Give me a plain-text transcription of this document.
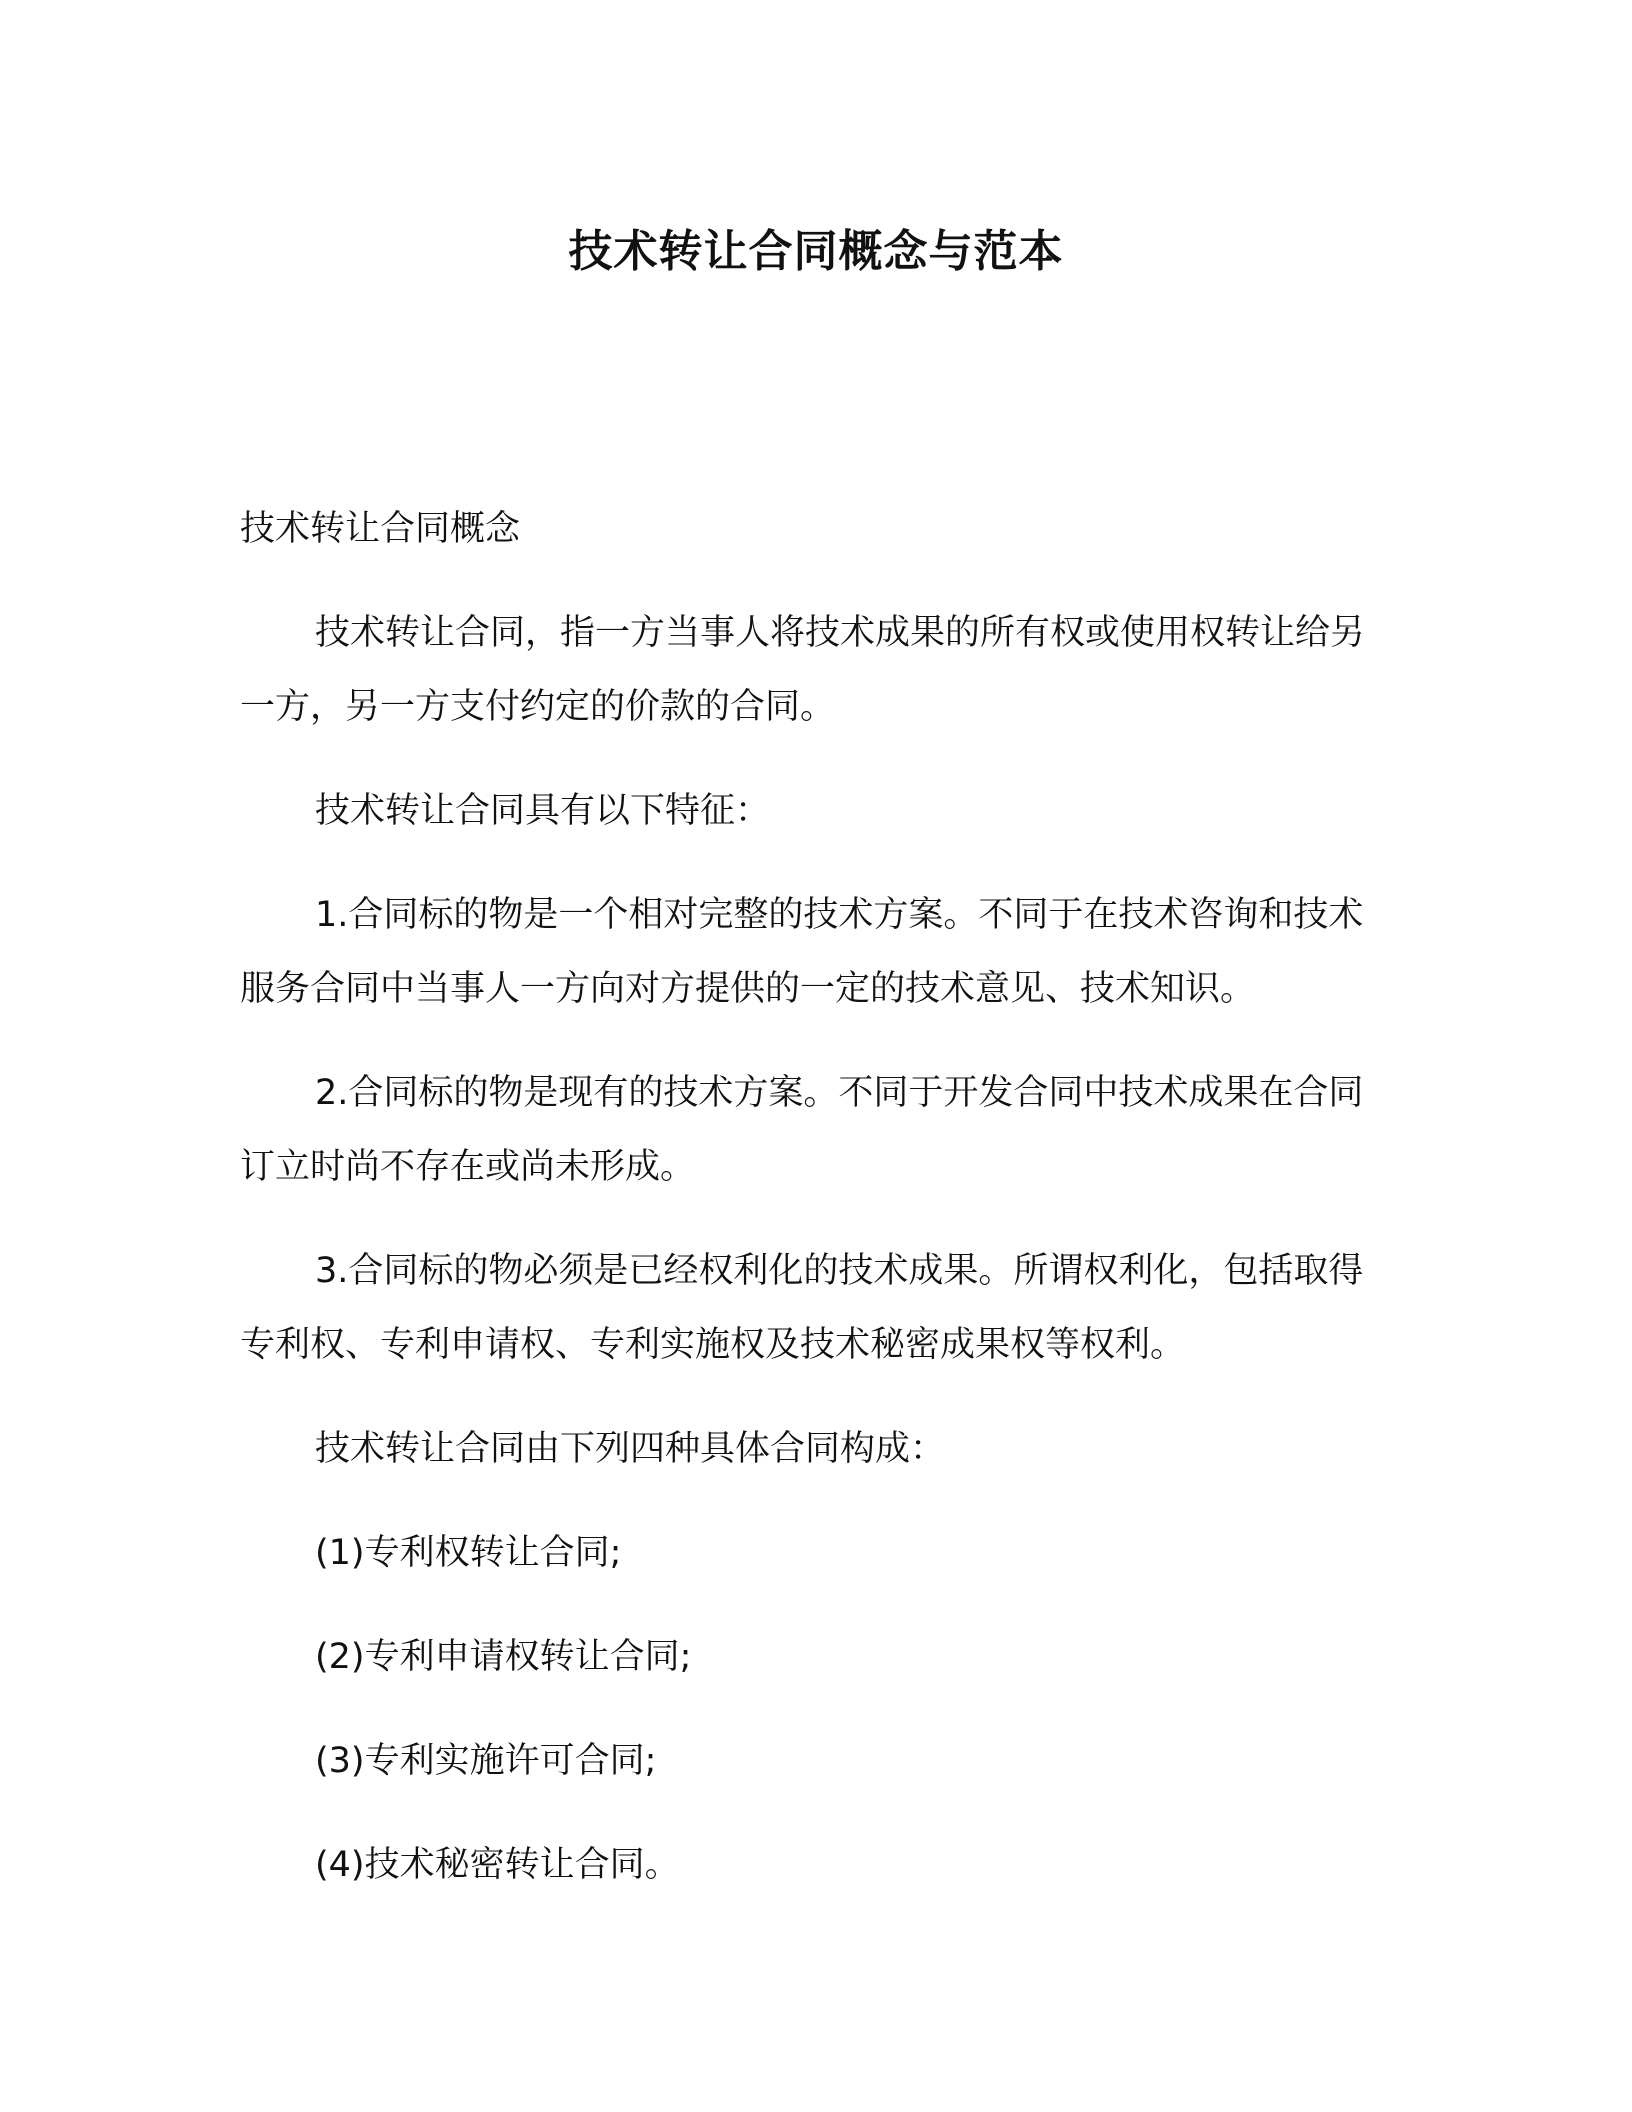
技术转让合同概念与范本

技术转让合同概念

技术转让合同，指一方当事人将技术成果的所有权或使用权转让给另一方，另一方支付约定的价款的合同。

技术转让合同具有以下特征：

1.合同标的物是一个相对完整的技术方案。不同于在技术咨询和技术服务合同中当事人一方向对方提供的一定的技术意见、技术知识。

2.合同标的物是现有的技术方案。不同于开发合同中技术成果在合同订立时尚不存在或尚未形成。

3.合同标的物必须是已经权利化的技术成果。所谓权利化，包括取得专利权、专利申请权、专利实施权及技术秘密成果权等权利。

技术转让合同由下列四种具体合同构成：

(1)专利权转让合同;

(2)专利申请权转让合同;

(3)专利实施许可合同;

(4)技术秘密转让合同。
